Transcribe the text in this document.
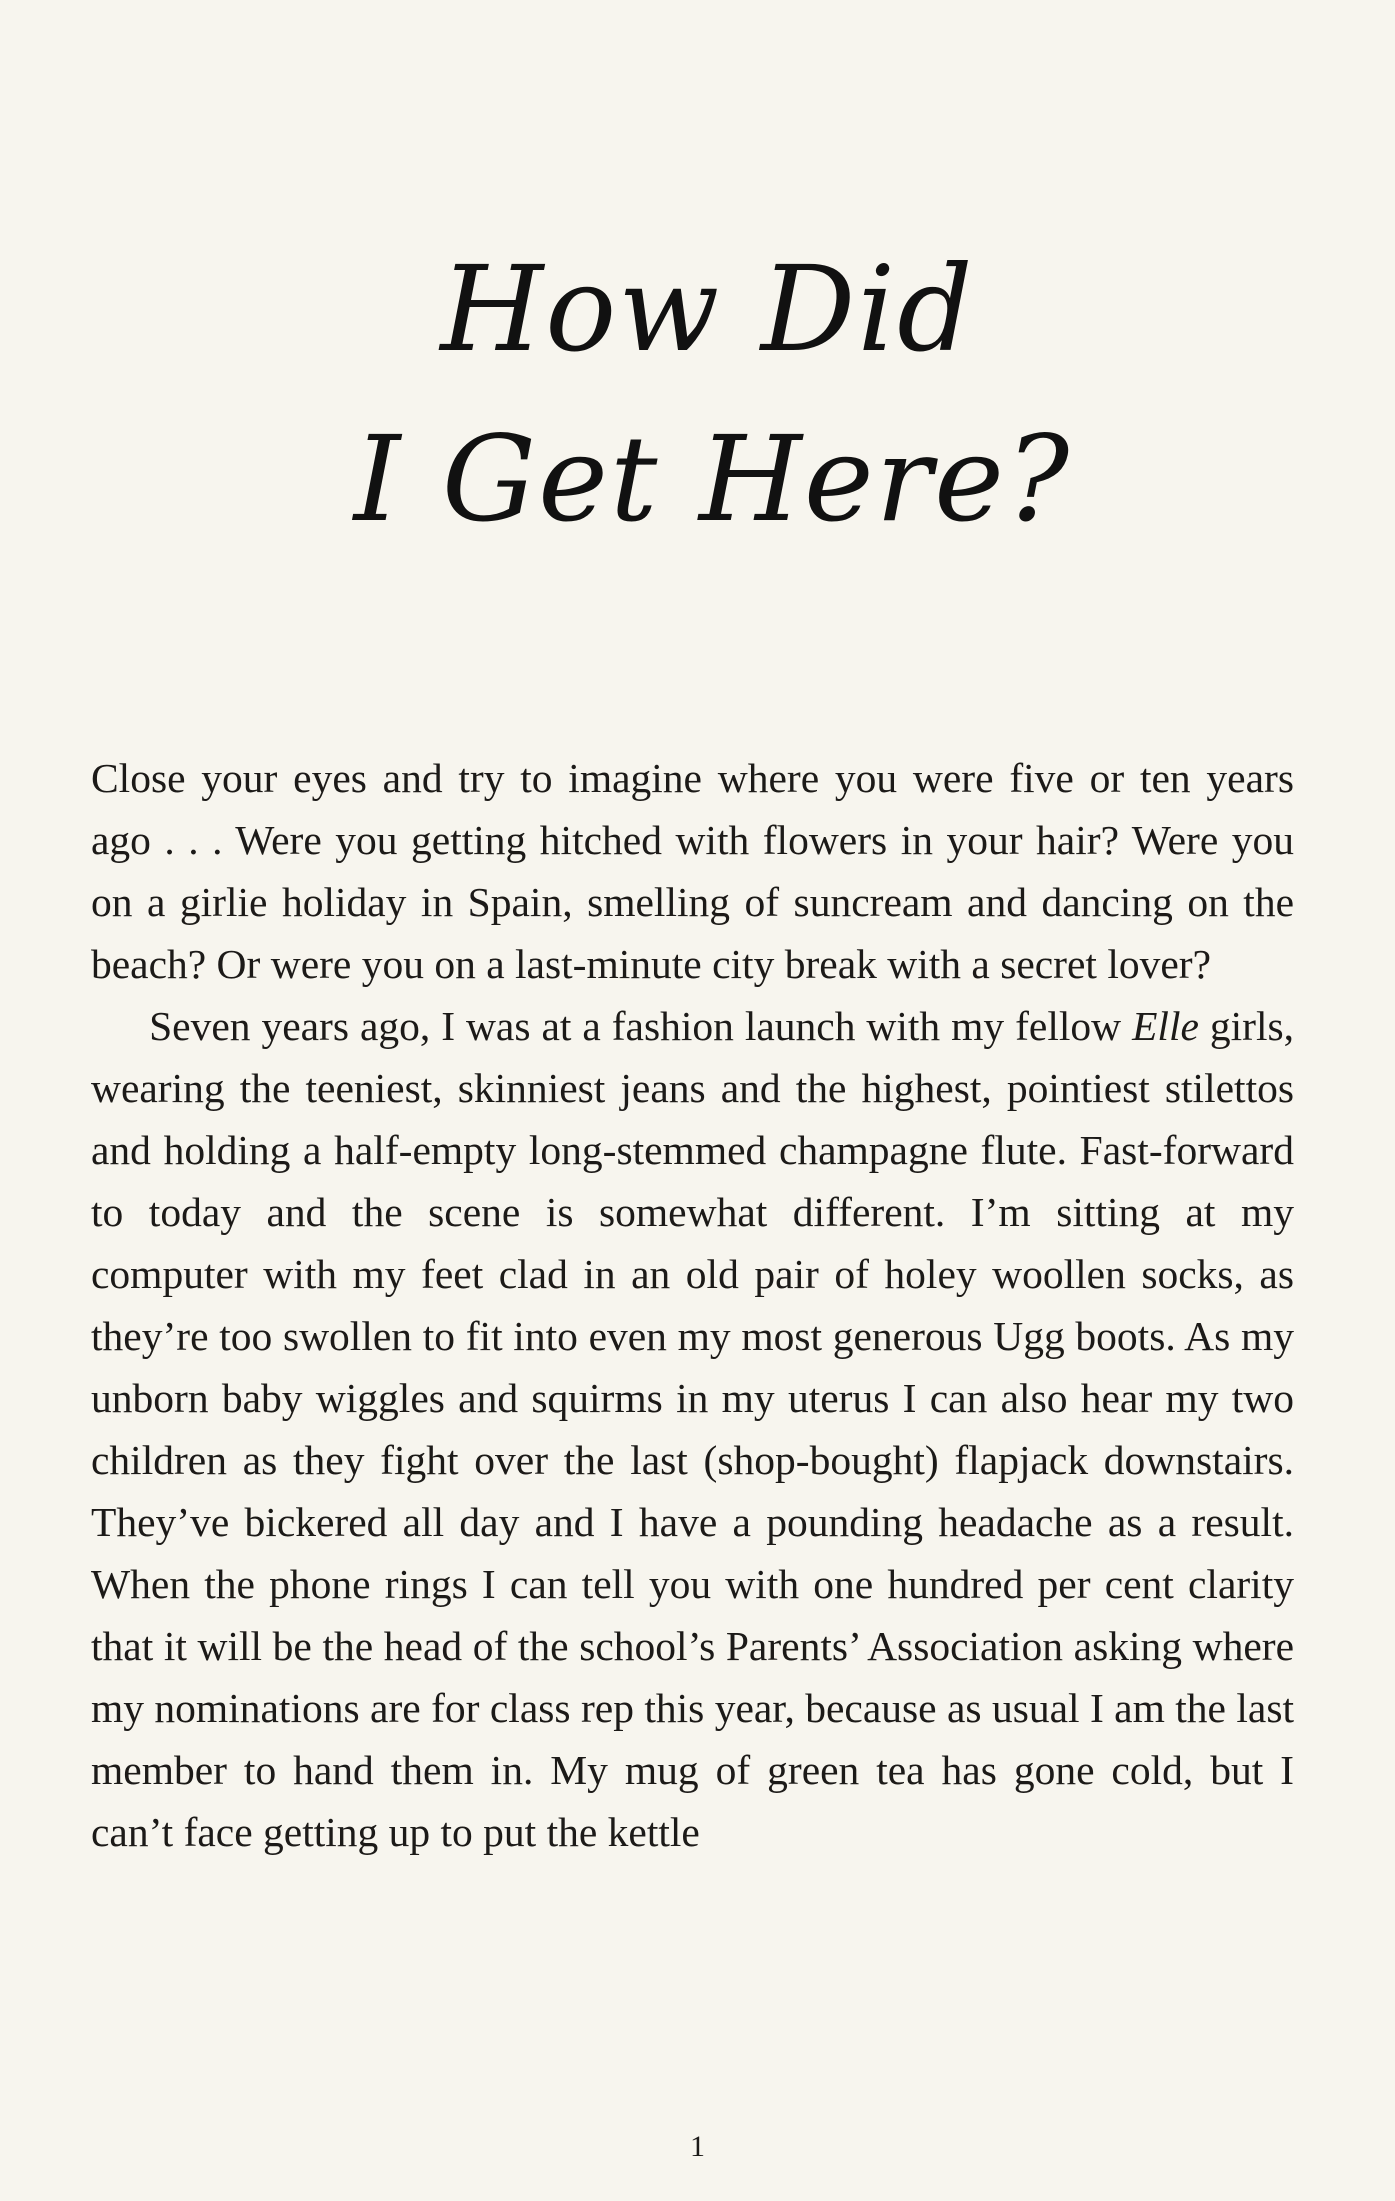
How Did
I Get Here?

Close your eyes and try to imagine where you were five or ten years ago . . . Were you getting hitched with flowers in your hair? Were you on a girlie holiday in Spain, smelling of suncream and dancing on the beach? Or were you on a last-minute city break with a secret lover?

Seven years ago, I was at a fashion launch with my fellow Elle girls, wearing the teeniest, skinniest jeans and the highest, pointiest stilettos and holding a half-empty long-stemmed champagne flute. Fast-forward to today and the scene is somewhat different. I’m sitting at my computer with my feet clad in an old pair of holey woollen socks, as they’re too swollen to fit into even my most generous Ugg boots. As my unborn baby wiggles and squirms in my uterus I can also hear my two children as they fight over the last (shop-bought) flapjack downstairs. They’ve bickered all day and I have a pounding headache as a result. When the phone rings I can tell you with one hundred per cent clarity that it will be the head of the school’s Parents’ Association asking where my nominations are for class rep this year, because as usual I am the last member to hand them in. My mug of green tea has gone cold, but I can’t face getting up to put the kettle

1
